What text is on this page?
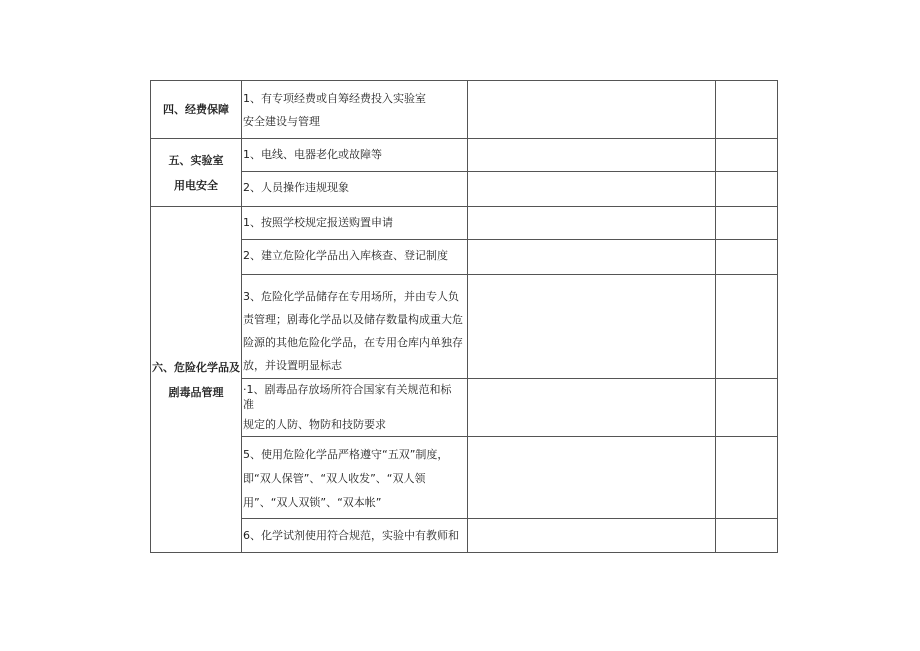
四、经费保障	1、有专项经费或自筹经费投入实验室
安全建设与管理		

五、实验室
用电安全	1、电线、电器老化或故障等		

	2、人员操作违规现象		

六、危险化学品及
剧毒品管理	1、按照学校规定报送购置申请		

	2、建立危险化学品出入库核查、登记制度		

	3、危险化学品储存在专用场所，并由专人负
责管理；剧毒化学品以及储存数量构成重大危
险源的其他危险化学品，在专用仓库内单独存
放，并设置明显标志		

	·1、剧毒品存放场所符合国家有关规范和标
准
规定的人防、物防和技防要求		

	5、使用危险化学品严格遵守“五双”制度，
即“双人保管”、“双人收发”、“双人领
用”、“双人双锁”、“双本帐”		

	6、化学试剂使用符合规范，实验中有教师和		
